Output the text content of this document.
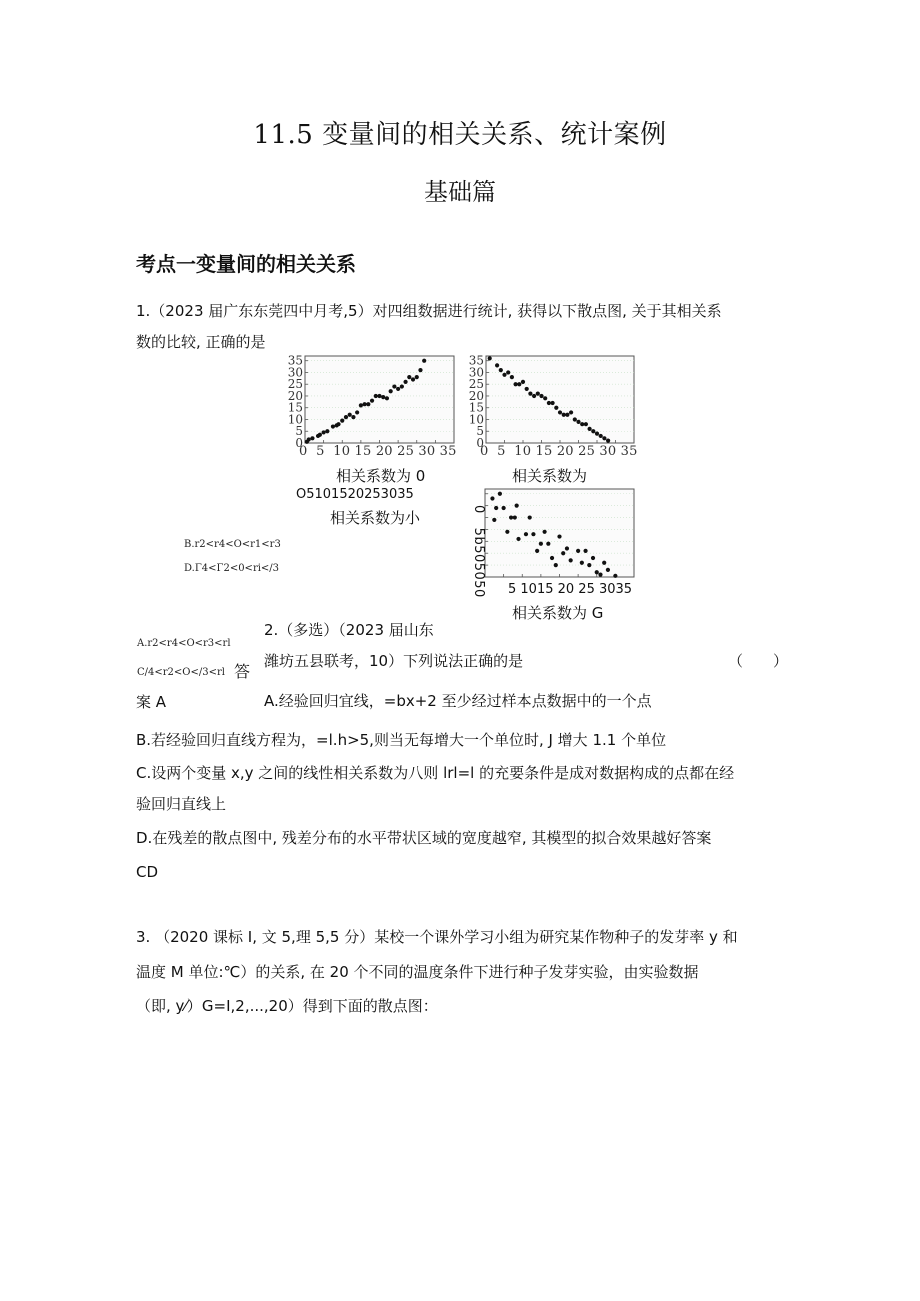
11.5 变量间的相关关系、统计案例
基础篇
考点一变量间的相关关系
1.（2023 届广东东莞四中月考,5）对四组数据进行统计, 获得以下散点图, 关于其相关系
数的比较, 正确的是
0
5
10
15
20
25
30
35
0  5  10 15 20 25 30 35
相关系数为 0
0
5
10
15
20
25
30
35
0  5  10 15 20 25 30 35
相关系数为
O5101520253035
相关系数为小	0   5b505050 5 1015 20 25 3035
相关系数为 G
B.r2<r4<O<r1<r3
D.Γ4<Γ2<0<ri</3
A.r2<r4<O<r3<rl
C/4<r2<O</3<rl 答
案 A
2.（多选）（2023 届山东
潍坊五县联考，10）下列说法正确的是	（　　）
A.经验回归宜线，=bx+2 至少经过样本点数据中的一个点
B.若经验回归直线方程为，=l.h>5,则当无每增大一个单位时, J 增大 1.1 个单位
C.设两个变量 x,y 之间的线性相关系数为八则 lrl=l 的充要条件是成对数据构成的点都在经
验回归直线上
D.在残差的散点图中, 残差分布的水平带状区域的宽度越窄, 其模型的拟合效果越好答案
CD
3. （2020 课标 I, 文 5,理 5,5 分）某校一个课外学习小组为研究某作物种子的发芽率 y 和
温度 M 单位:℃）的关系, 在 20 个不同的温度条件下进行种子发芽实验，由实验数据
（即, y⁄）G=I,2,...,20）得到下面的散点图：
